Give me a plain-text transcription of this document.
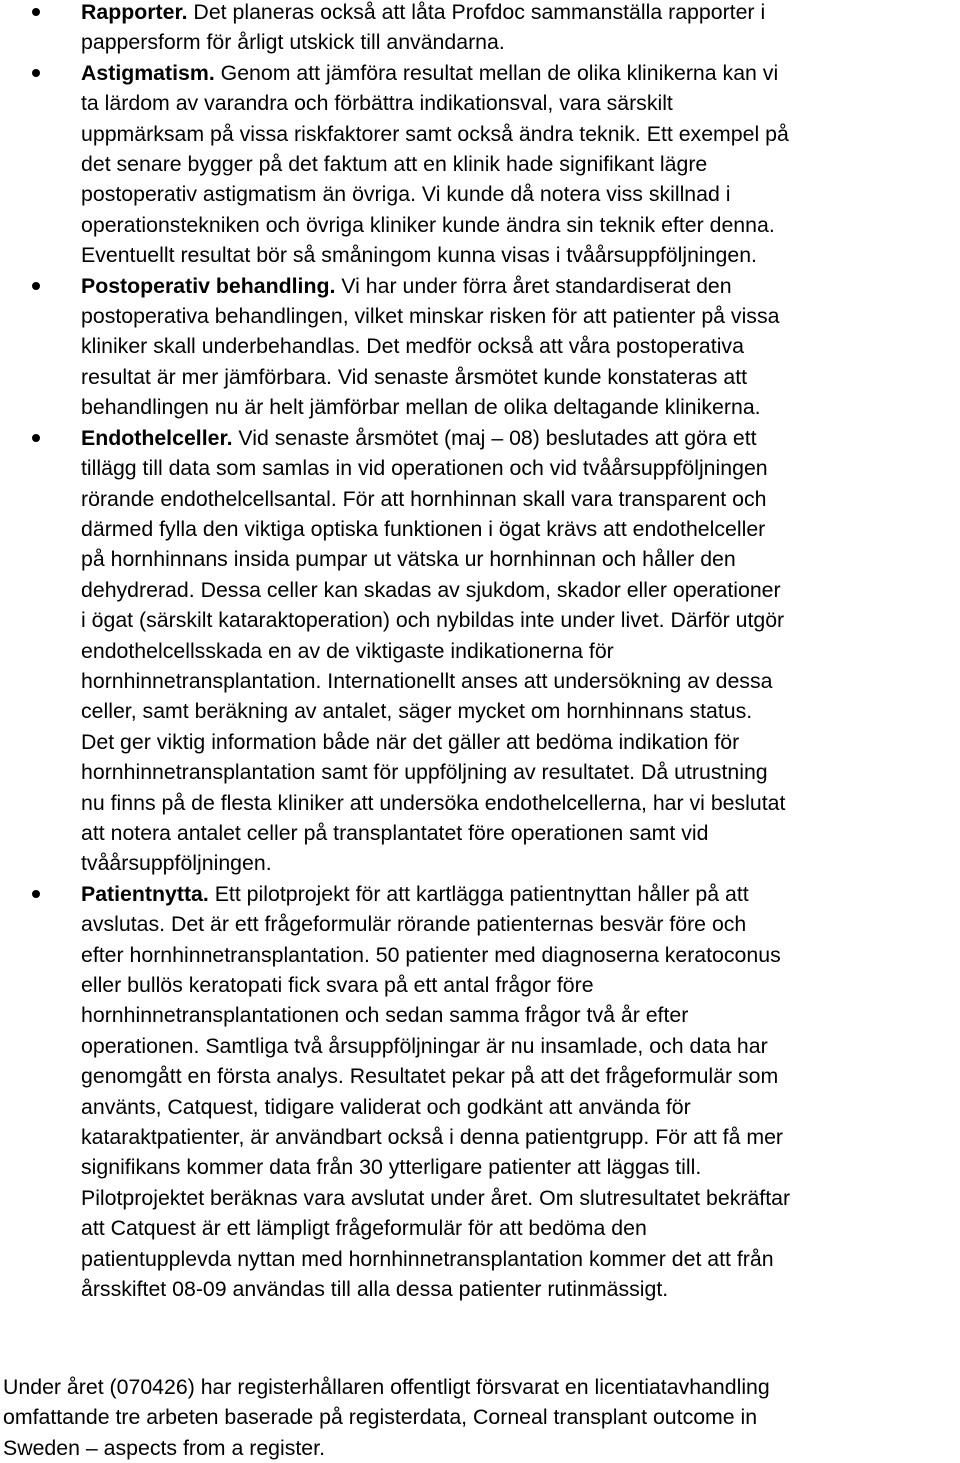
Rapporter. Det planeras också att låta Profdoc sammanställa rapporter i
pappersform för årligt utskick till användarna.
Astigmatism. Genom att jämföra resultat mellan de olika klinikerna kan vi
ta lärdom av varandra och förbättra indikationsval, vara särskilt
uppmärksam på vissa riskfaktorer samt också ändra teknik. Ett exempel på
det senare bygger på det faktum att en klinik hade signifikant lägre
postoperativ astigmatism än övriga. Vi kunde då notera viss skillnad i
operationstekniken och övriga kliniker kunde ändra sin teknik efter denna.
Eventuellt resultat bör så småningom kunna visas i tvåårsuppföljningen.
Postoperativ behandling. Vi har under förra året standardiserat den
postoperativa behandlingen, vilket minskar risken för att patienter på vissa
kliniker skall underbehandlas. Det medför också att våra postoperativa
resultat är mer jämförbara. Vid senaste årsmötet kunde konstateras att
behandlingen nu är helt jämförbar mellan de olika deltagande klinikerna.
Endothelceller. Vid senaste årsmötet (maj – 08) beslutades att göra ett
tillägg till data som samlas in vid operationen och vid tvåårsuppföljningen
rörande endothelcellsantal. För att hornhinnan skall vara transparent och
därmed fylla den viktiga optiska funktionen i ögat krävs att endothelceller
på hornhinnans insida pumpar ut vätska ur hornhinnan och håller den
dehydrerad. Dessa celler kan skadas av sjukdom, skador eller operationer
i ögat (särskilt kataraktoperation) och nybildas inte under livet. Därför utgör
endothelcellsskada en av de viktigaste indikationerna för
hornhinnetransplantation. Internationellt anses att undersökning av dessa
celler, samt beräkning av antalet, säger mycket om hornhinnans status.
Det ger viktig information både när det gäller att bedöma indikation för
hornhinnetransplantation samt för uppföljning av resultatet. Då utrustning
nu finns på de flesta kliniker att undersöka endothelcellerna, har vi beslutat
att notera antalet celler på transplantatet före operationen samt vid
tvåårsuppföljningen.
Patientnytta. Ett pilotprojekt för att kartlägga patientnyttan håller på att
avslutas. Det är ett frågeformulär rörande patienternas besvär före och
efter hornhinnetransplantation. 50 patienter med diagnoserna keratoconus
eller bullös keratopati fick svara på ett antal frågor före
hornhinnetransplantationen och sedan samma frågor två år efter
operationen. Samtliga två årsuppföljningar är nu insamlade, och data har
genomgått en första analys. Resultatet pekar på att det frågeformulär som
använts, Catquest, tidigare validerat och godkänt att använda för
kataraktpatienter, är användbart också i denna patientgrupp. För att få mer
signifikans kommer data från 30 ytterligare patienter att läggas till.
Pilotprojektet beräknas vara avslutat under året. Om slutresultatet bekräftar
att Catquest är ett lämpligt frågeformulär för att bedöma den
patientupplevda nyttan med hornhinnetransplantation kommer det att från
årsskiftet 08-09 användas till alla dessa patienter rutinmässigt.
Under året (070426) har registerhållaren offentligt försvarat en licentiatavhandling
omfattande tre arbeten baserade på registerdata, Corneal transplant outcome in
Sweden – aspects from a register.
